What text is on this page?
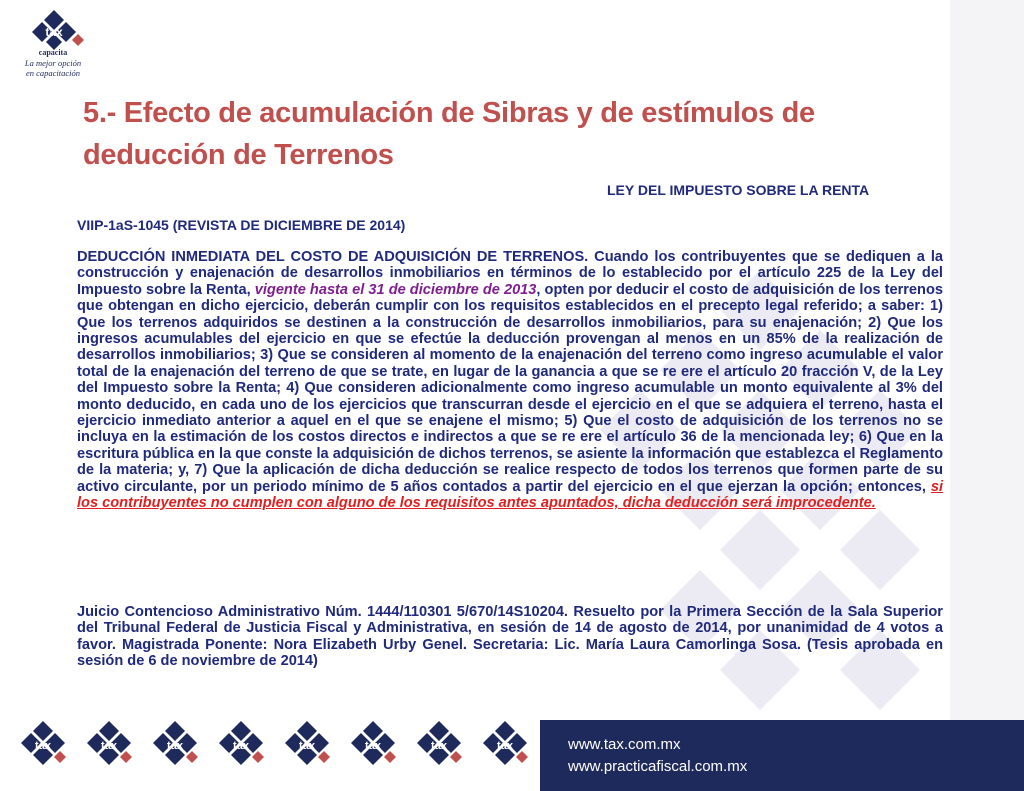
tax
capacita
La mejor opción
en capacitación
5.- Efecto de acumulación de Sibras y de estímulos de deducción de Terrenos
LEY DEL IMPUESTO SOBRE LA RENTA
VIIP-1aS-1045 (REVISTA DE DICIEMBRE DE 2014)
DEDUCCIÓN INMEDIATA DEL COSTO DE ADQUISICIÓN DE TERRENOS. Cuando los contribuyentes que se dediquen a la construcción y enajenación de desarrollos inmobiliarios en términos de lo establecido por el artículo 225 de la Ley del Impuesto sobre la Renta, vigente hasta el 31 de diciembre de 2013, opten por deducir el costo de adquisición de los terrenos que obtengan en dicho ejercicio, deberán cumplir con los requisitos establecidos en el precepto legal referido; a saber: 1) Que los terrenos adquiridos se destinen a la construcción de desarrollos inmobiliarios, para su enajenación; 2) Que los ingresos acumulables del ejercicio en que se efectúe la deducción provengan al menos en un 85% de la realización de desarrollos inmobiliarios; 3) Que se consideren al momento de la enajenación del terreno como ingreso acumulable el valor total de la enajenación del terreno de que se trate, en lugar de la ganancia a que se re ere el artículo 20 fracción V, de la Ley del Impuesto sobre la Renta; 4) Que consideren adicionalmente como ingreso acumulable un monto equivalente al 3% del monto deducido, en cada uno de los ejercicios que transcurran desde el ejercicio en el que se adquiera el terreno, hasta el ejercicio inmediato anterior a aquel en el que se enajene el mismo; 5) Que el costo de adquisición de los terrenos no se incluya en la estimación de los costos directos e indirectos a que se re ere el artículo 36 de la mencionada ley; 6) Que en la escritura pública en la que conste la adquisición de dichos terrenos, se asiente la información que establezca el Reglamento de la materia; y, 7) Que la aplicación de dicha deducción se realice respecto de todos los terrenos que formen parte de su activo circulante, por un periodo mínimo de 5 años contados a partir del ejercicio en el que ejerzan la opción; entonces, si los contribuyentes no cumplen con alguno de los requisitos antes apuntados, dicha deducción será improcedente.
Juicio Contencioso Administrativo Núm. 1444/110301 5/670/14S10204. Resuelto por la Primera Sección de la Sala Superior del Tribunal Federal de Justicia Fiscal y Administrativa, en sesión de 14 de agosto de 2014, por unanimidad de 4 votos a favor. Magistrada Ponente: Nora Elizabeth Urby Genel. Secretaria: Lic. María Laura Camorlinga Sosa. (Tesis aprobada en sesión de 6 de noviembre de 2014)
tax	tax	tax	tax	tax	tax	tax	tax	www.tax.com.mx
www.practicafiscal.com.mx
